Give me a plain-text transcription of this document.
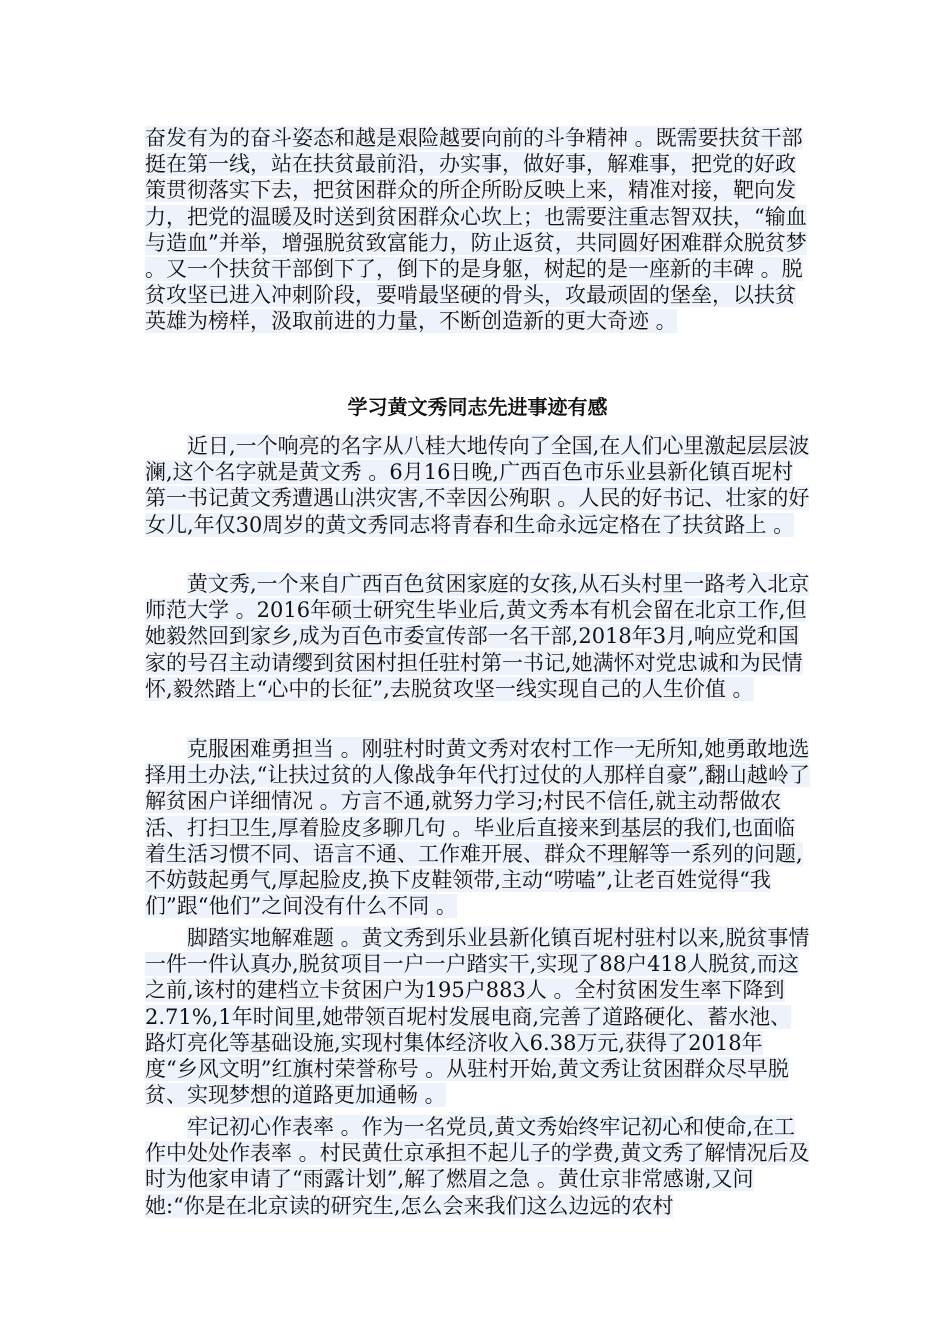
奋发有为的奋斗姿态和越是艰险越要向前的斗争精神 。既需要扶贫干部挺在第一线，站在扶贫最前沿，办实事，做好事，解难事，把党的好政策贯彻落实下去，把贫困群众的所企所盼反映上来，精准对接，靶向发力，把党的温暖及时送到贫困群众心坎上；也需要注重志智双扶，“输血与造血”并举，增强脱贫致富能力，防止返贫，共同圆好困难群众脱贫梦 。又一个扶贫干部倒下了，倒下的是身躯，树起的是一座新的丰碑 。脱贫攻坚已进入冲刺阶段，要啃最坚硬的骨头，攻最顽固的堡垒，以扶贫英雄为榜样，汲取前进的力量，不断创造新的更大奇迹 。

学习黄文秀同志先进事迹有感

近日,一个响亮的名字从八桂大地传向了全国,在人们心里激起层层波澜,这个名字就是黄文秀 。6月16日晚,广西百色市乐业县新化镇百坭村第一书记黄文秀遭遇山洪灾害,不幸因公殉职 。人民的好书记、壮家的好女儿,年仅30周岁的黄文秀同志将青春和生命永远定格在了扶贫路上 。

黄文秀,一个来自广西百色贫困家庭的女孩,从石头村里一路考入北京师范大学 。2016年硕士研究生毕业后,黄文秀本有机会留在北京工作,但她毅然回到家乡,成为百色市委宣传部一名干部,2018年3月,响应党和国家的号召主动请缨到贫困村担任驻村第一书记,她满怀对党忠诚和为民情怀,毅然踏上“心中的长征”,去脱贫攻坚一线实现自己的人生价值 。

克服困难勇担当 。刚驻村时黄文秀对农村工作一无所知,她勇敢地选择用土办法,“让扶过贫的人像战争年代打过仗的人那样自豪”,翻山越岭了解贫困户详细情况 。方言不通,就努力学习;村民不信任,就主动帮做农活、打扫卫生,厚着脸皮多聊几句 。毕业后直接来到基层的我们,也面临着生活习惯不同、语言不通、工作难开展、群众不理解等一系列的问题,不妨鼓起勇气,厚起脸皮,换下皮鞋领带,主动“唠嗑”,让老百姓觉得“我们”跟“他们”之间没有什么不同 。

脚踏实地解难题 。黄文秀到乐业县新化镇百坭村驻村以来,脱贫事情一件一件认真办,脱贫项目一户一户踏实干,实现了88户418人脱贫,而这之前,该村的建档立卡贫困户为195户883人 。全村贫困发生率下降到2.71%,1年时间里,她带领百坭村发展电商,完善了道路硬化、蓄水池、路灯亮化等基础设施,实现村集体经济收入6.38万元,获得了2018年度“乡风文明”红旗村荣誉称号 。从驻村开始,黄文秀让贫困群众尽早脱贫、实现梦想的道路更加通畅 。

牢记初心作表率 。作为一名党员,黄文秀始终牢记初心和使命,在工作中处处作表率 。村民黄仕京承担不起儿子的学费,黄文秀了解情况后及时为他家申请了“雨露计划”,解了燃眉之急 。黄仕京非常感谢,又问她:“你是在北京读的研究生,怎么会来我们这么边远的农村
